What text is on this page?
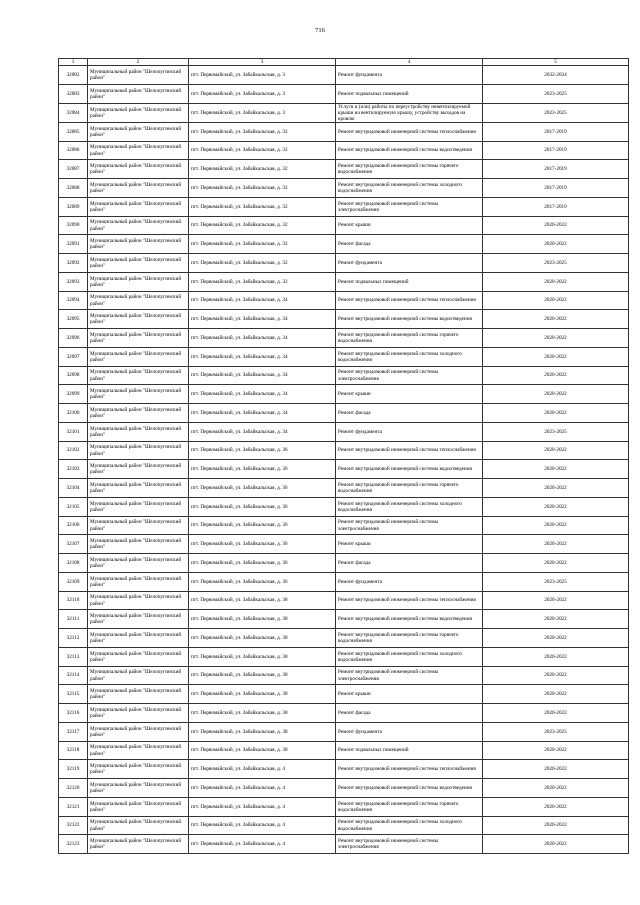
716
1	2	3	4	5
32082	Муниципальный район "Шелопугинский район"	пгт. Первомайский, ул. Забайкальская, д. 3	Ремонт фундамента	2032-2034
32083	Муниципальный район "Шелопугинский район"	пгт. Первомайский, ул. Забайкальская, д. 3	Ремонт подвальных помещений	2023-2025
32084	Муниципальный район "Шелопугинский район"	пгт. Первомайский, ул. Забайкальская, д. 3	Услуги и (или) работы по переустройству невентилируемой крыши на вентилируемую крышу, устройству выходов на кровлю	2023-2025
32085	Муниципальный район "Шелопугинский район"	пгт. Первомайский, ул. Забайкальская, д. 32	Ремонт внутридомовой инженерной системы теплоснабжения	2017-2019
32086	Муниципальный район "Шелопугинский район"	пгт. Первомайский, ул. Забайкальская, д. 32	Ремонт внутридомовой инженерной системы водоотведения	2017-2019
32087	Муниципальный район "Шелопугинский район"	пгт. Первомайский, ул. Забайкальская, д. 32	Ремонт внутридомовой инженерной системы горячего водоснабжения	2017-2019
32088	Муниципальный район "Шелопугинский район"	пгт. Первомайский, ул. Забайкальская, д. 32	Ремонт внутридомовой инженерной системы холодного водоснабжения	2017-2019
32089	Муниципальный район "Шелопугинский район"	пгт. Первомайский, ул. Забайкальская, д. 32	Ремонт внутридомовой инженерной системы электроснабжения	2017-2019
32090	Муниципальный район "Шелопугинский район"	пгт. Первомайский, ул. Забайкальская, д. 32	Ремонт крыши	2020-2022
32091	Муниципальный район "Шелопугинский район"	пгт. Первомайский, ул. Забайкальская, д. 32	Ремонт фасада	2020-2022
32092	Муниципальный район "Шелопугинский район"	пгт. Первомайский, ул. Забайкальская, д. 32	Ремонт фундамента	2023-2025
32093	Муниципальный район "Шелопугинский район"	пгт. Первомайский, ул. Забайкальская, д. 32	Ремонт подвальных помещений	2020-2022
32094	Муниципальный район "Шелопугинский район"	пгт. Первомайский, ул. Забайкальская, д. 34	Ремонт внутридомовой инженерной системы теплоснабжения	2020-2022
32095	Муниципальный район "Шелопугинский район"	пгт. Первомайский, ул. Забайкальская, д. 34	Ремонт внутридомовой инженерной системы водоотведения	2020-2022
32096	Муниципальный район "Шелопугинский район"	пгт. Первомайский, ул. Забайкальская, д. 34	Ремонт внутридомовой инженерной системы горячего водоснабжения	2020-2022
32097	Муниципальный район "Шелопугинский район"	пгт. Первомайский, ул. Забайкальская, д. 34	Ремонт внутридомовой инженерной системы холодного водоснабжения	2020-2022
32098	Муниципальный район "Шелопугинский район"	пгт. Первомайский, ул. Забайкальская, д. 34	Ремонт внутридомовой инженерной системы электроснабжения	2020-2022
32099	Муниципальный район "Шелопугинский район"	пгт. Первомайский, ул. Забайкальская, д. 34	Ремонт крыши	2020-2022
32100	Муниципальный район "Шелопугинский район"	пгт. Первомайский, ул. Забайкальская, д. 34	Ремонт фасада	2020-2022
32101	Муниципальный район "Шелопугинский район"	пгт. Первомайский, ул. Забайкальская, д. 34	Ремонт фундамента	2023-2025
32102	Муниципальный район "Шелопугинский район"	пгт. Первомайский, ул. Забайкальская, д. 36	Ремонт внутридомовой инженерной системы теплоснабжения	2020-2022
32103	Муниципальный район "Шелопугинский район"	пгт. Первомайский, ул. Забайкальская, д. 36	Ремонт внутридомовой инженерной системы водоотведения	2020-2022
32104	Муниципальный район "Шелопугинский район"	пгт. Первомайский, ул. Забайкальская, д. 36	Ремонт внутридомовой инженерной системы горячего водоснабжения	2020-2022
32105	Муниципальный район "Шелопугинский район"	пгт. Первомайский, ул. Забайкальская, д. 36	Ремонт внутридомовой инженерной системы холодного водоснабжения	2020-2022
32106	Муниципальный район "Шелопугинский район"	пгт. Первомайский, ул. Забайкальская, д. 36	Ремонт внутридомовой инженерной системы электроснабжения	2020-2022
32107	Муниципальный район "Шелопугинский район"	пгт. Первомайский, ул. Забайкальская, д. 36	Ремонт крыши	2020-2022
32108	Муниципальный район "Шелопугинский район"	пгт. Первомайский, ул. Забайкальская, д. 36	Ремонт фасада	2020-2022
32109	Муниципальный район "Шелопугинский район"	пгт. Первомайский, ул. Забайкальская, д. 36	Ремонт фундамента	2023-2025
32110	Муниципальный район "Шелопугинский район"	пгт. Первомайский, ул. Забайкальская, д. 38	Ремонт внутридомовой инженерной системы теплоснабжения	2020-2022
32111	Муниципальный район "Шелопугинский район"	пгт. Первомайский, ул. Забайкальская, д. 38	Ремонт внутридомовой инженерной системы водоотведения	2020-2022
32112	Муниципальный район "Шелопугинский район"	пгт. Первомайский, ул. Забайкальская, д. 38	Ремонт внутридомовой инженерной системы горячего водоснабжения	2020-2022
32113	Муниципальный район "Шелопугинский район"	пгт. Первомайский, ул. Забайкальская, д. 38	Ремонт внутридомовой инженерной системы холодного водоснабжения	2020-2022
32114	Муниципальный район "Шелопугинский район"	пгт. Первомайский, ул. Забайкальская, д. 38	Ремонт внутридомовой инженерной системы электроснабжения	2020-2022
32115	Муниципальный район "Шелопугинский район"	пгт. Первомайский, ул. Забайкальская, д. 38	Ремонт крыши	2020-2022
32116	Муниципальный район "Шелопугинский район"	пгт. Первомайский, ул. Забайкальская, д. 38	Ремонт фасада	2020-2022
32117	Муниципальный район "Шелопугинский район"	пгт. Первомайский, ул. Забайкальская, д. 38	Ремонт фундамента	2023-2025
32118	Муниципальный район "Шелопугинский район"	пгт. Первомайский, ул. Забайкальская, д. 38	Ремонт подвальных помещений	2020-2022
32119	Муниципальный район "Шелопугинский район"	пгт. Первомайский, ул. Забайкальская, д. 4	Ремонт внутридомовой инженерной системы теплоснабжения	2020-2022
32120	Муниципальный район "Шелопугинский район"	пгт. Первомайский, ул. Забайкальская, д. 4	Ремонт внутридомовой инженерной системы водоотведения	2020-2022
32121	Муниципальный район "Шелопугинский район"	пгт. Первомайский, ул. Забайкальская, д. 4	Ремонт внутридомовой инженерной системы горячего водоснабжения	2020-2022
32122	Муниципальный район "Шелопугинский район"	пгт. Первомайский, ул. Забайкальская, д. 4	Ремонт внутридомовой инженерной системы холодного водоснабжения	2020-2022
32123	Муниципальный район "Шелопугинский район"	пгт. Первомайский, ул. Забайкальская, д. 4	Ремонт внутридомовой инженерной системы электроснабжения	2020-2022
